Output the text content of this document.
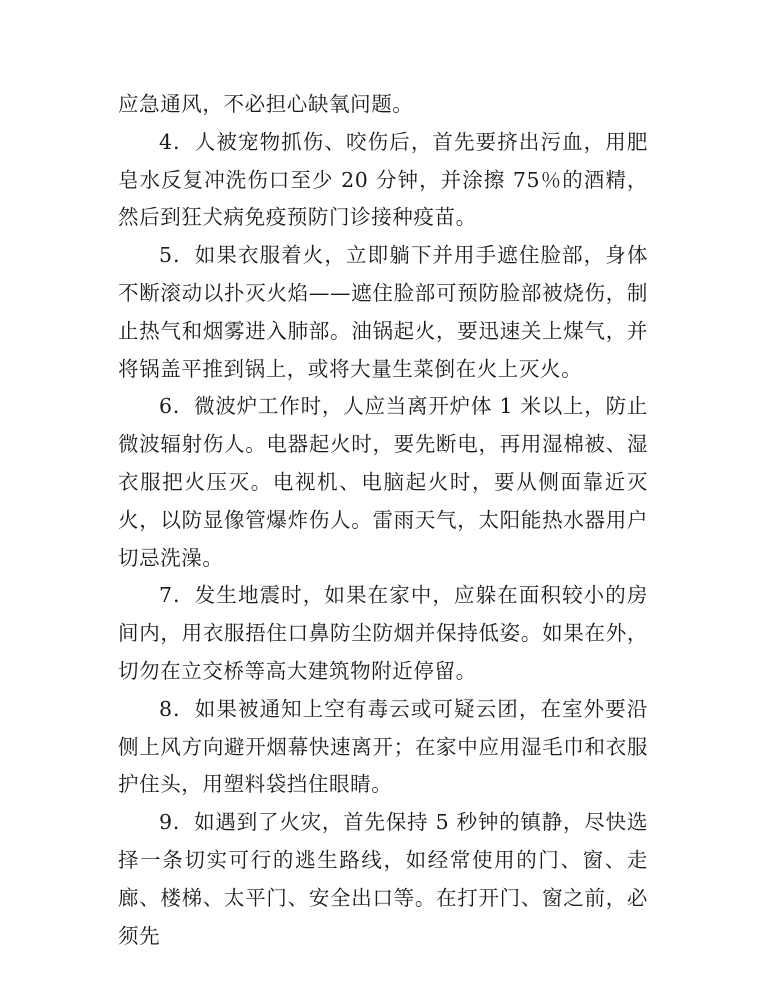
应急通风，不必担心缺氧问题。

4．人被宠物抓伤、咬伤后，首先要挤出污血，用肥皂水反复冲洗伤口至少 20 分钟，并涂擦 75％的酒精，然后到狂犬病免疫预防门诊接种疫苗。

5．如果衣服着火，立即躺下并用手遮住脸部，身体不断滚动以扑灭火焰——遮住脸部可预防脸部被烧伤，制止热气和烟雾进入肺部。油锅起火，要迅速关上煤气，并将锅盖平推到锅上，或将大量生菜倒在火上灭火。

6．微波炉工作时，人应当离开炉体 1 米以上，防止微波辐射伤人。电器起火时，要先断电，再用湿棉被、湿衣服把火压灭。电视机、电脑起火时，要从侧面靠近灭火，以防显像管爆炸伤人。雷雨天气，太阳能热水器用户切忌洗澡。

7．发生地震时，如果在家中，应躲在面积较小的房间内，用衣服捂住口鼻防尘防烟并保持低姿。如果在外，切勿在立交桥等高大建筑物附近停留。

8．如果被通知上空有毒云或可疑云团，在室外要沿侧上风方向避开烟幕快速离开；在家中应用湿毛巾和衣服护住头，用塑料袋挡住眼睛。

9．如遇到了火灾，首先保持 5 秒钟的镇静，尽快选择一条切实可行的逃生路线，如经常使用的门、窗、走廊、楼梯、太平门、安全出口等。在打开门、窗之前，必须先
